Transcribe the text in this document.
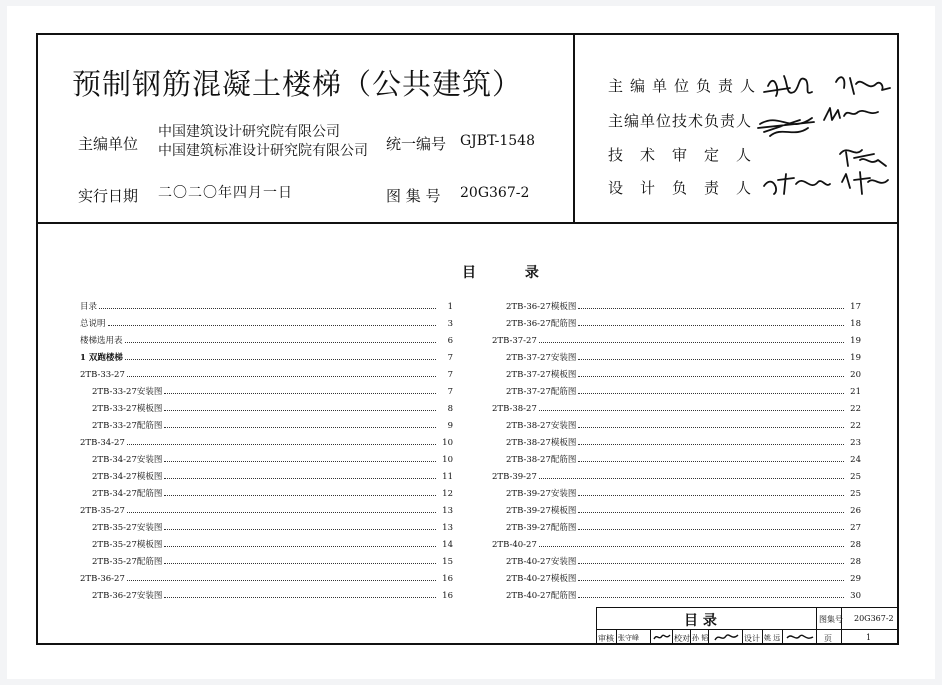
预制钢筋混凝土楼梯（公共建筑）
主编单位
中国建筑设计研究院有限公司
中国建筑标准设计研究院有限公司 统一编号 GJBT-1548
实行日期 二〇二〇年四月一日	图 集 号 20G367-2
主编单位负责人
主编单位技术负责人
技术审定人
设计负责人
目	录
目录	1
总说明	3
楼梯选用表	6
1 双跑楼梯	7
2TB-33-27	7
2TB-33-27安装图	7
2TB-33-27模板图	8
2TB-33-27配筋图	9
2TB-34-27	10
2TB-34-27安装图	10
2TB-34-27模板图	11
2TB-34-27配筋图	12
2TB-35-27	13
2TB-35-27安装图	13
2TB-35-27模板图	14
2TB-35-27配筋图	15
2TB-36-27	16
2TB-36-27安装图	16
2TB-36-27模板图	17
2TB-36-27配筋图	18
2TB-37-27	19
2TB-37-27安装图	19
2TB-37-27模板图	20
2TB-37-27配筋图	21
2TB-38-27	22
2TB-38-27安装图	22
2TB-38-27模板图	23
2TB-38-27配筋图	24
2TB-39-27	25
2TB-39-27安装图	25
2TB-39-27模板图	26
2TB-39-27配筋图	27
2TB-40-27	28
2TB-40-27安装图	28
2TB-40-27模板图	29
2TB-40-27配筋图	30
目 录	图集号 20G367-2
审核 张守峰	校对 孙 韬	设计 姚 远	页	1
